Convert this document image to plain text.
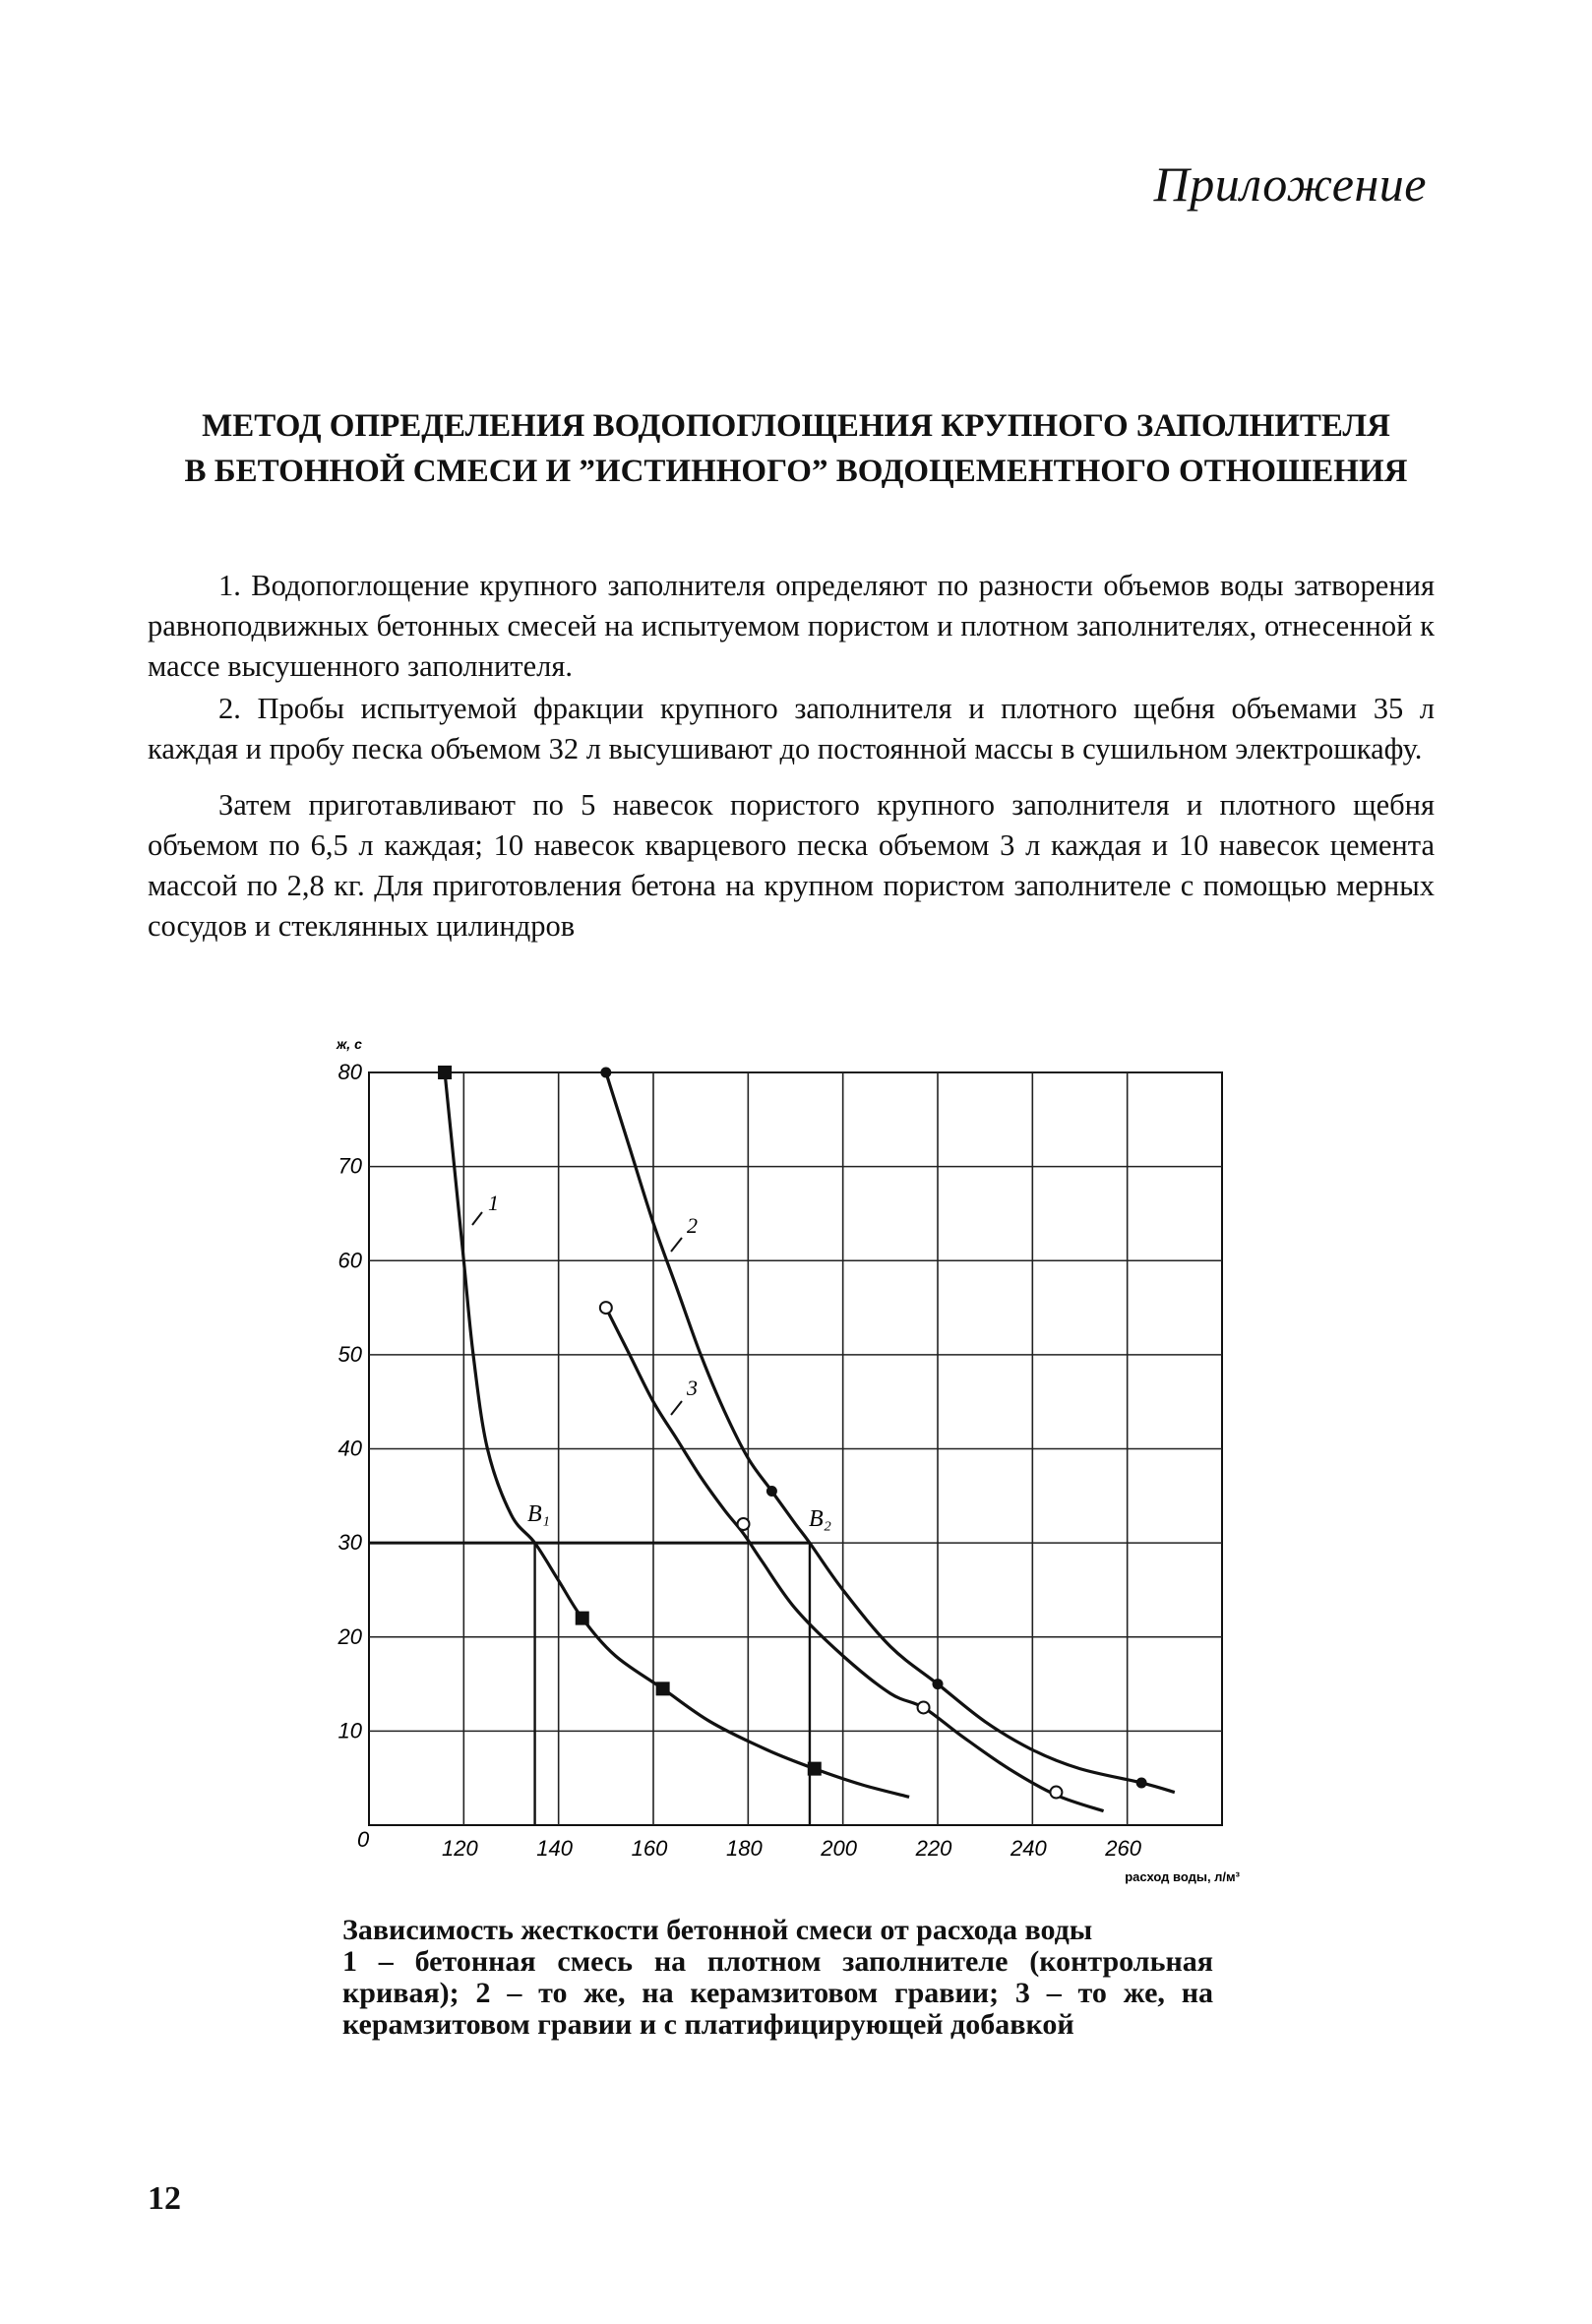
Приложение
МЕТОД ОПРЕДЕЛЕНИЯ ВОДОПОГЛОЩЕНИЯ КРУПНОГО ЗАПОЛНИТЕЛЯ
В БЕТОННОЙ СМЕСИ И ”ИСТИННОГО” ВОДОЦЕМЕНТНОГО ОТНОШЕНИЯ

1. Водопоглощение крупного заполнителя определяют по разности объемов воды затворения равноподвижных бетонных смесей на испытуемом пористом и плотном заполнителях, отнесенной к массе высушенного заполнителя.

2. Пробы испытуемой фракции крупного заполнителя и плотного щебня объемами 35 л каждая и пробу песка объемом 32 л высушивают до постоянной массы в сушильном электрошкафу.

Затем приготавливают по 5 навесок пористого крупного заполнителя и плотного щебня объемом по 6,5 л каждая; 10 навесок кварцевого песка объемом 3 л каждая и 10 навесок цемента массой по 2,8 кг. Для приготовления бетона на крупном пористом заполнителе с помощью мерных сосудов и стеклянных цилиндров

ж, с
расход воды, л/м³
0	120	140	160	180	200	220	240	260
10
20
30
40
50
60
70
80
В₁	В₂
1
2
3
Зависимость жесткости бетонной смеси от расхода воды
1 – бетонная смесь на плотном заполнителе (контрольная кривая); 2 – то же, на керамзитовом гравии; 3 – то же, на керамзитовом гравии и с платифицирующей добавкой
12
